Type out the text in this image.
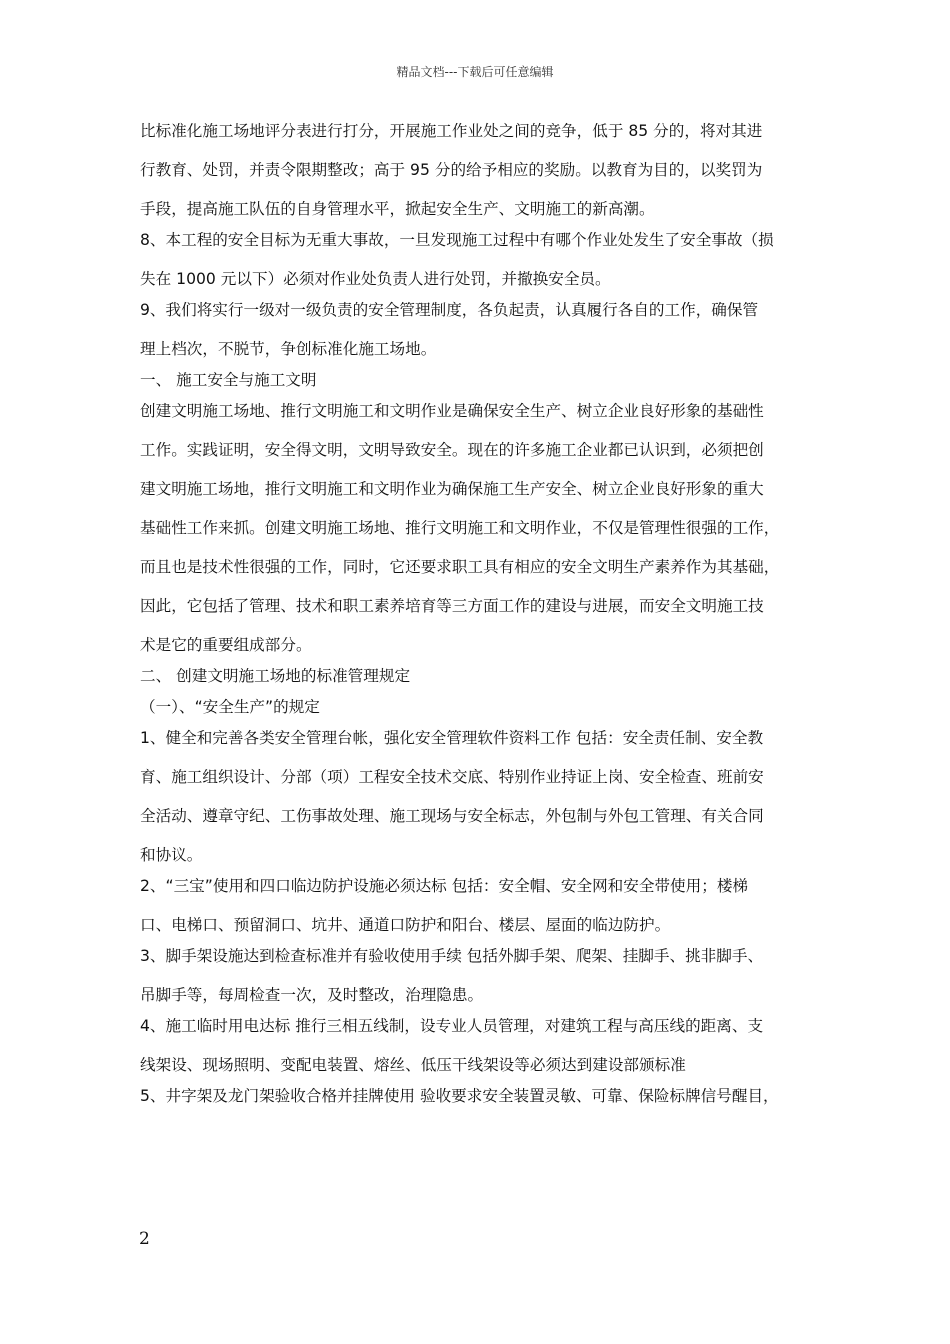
精品文档---下载后可任意编辑
比标准化施工场地评分表进行打分，开展施工作业处之间的竞争，低于 85 分的，将对其进
行教育、处罚，并责令限期整改；高于 95 分的给予相应的奖励。以教育为目的，以奖罚为
手段，提高施工队伍的自身管理水平，掀起安全生产、文明施工的新高潮。
8、本工程的安全目标为无重大事故，一旦发现施工过程中有哪个作业处发生了安全事故（损
失在 1000 元以下）必须对作业处负责人进行处罚，并撤换安全员。
9、我们将实行一级对一级负责的安全管理制度，各负起责，认真履行各自的工作，确保管
理上档次，不脱节，争创标准化施工场地。
一、 施工安全与施工文明
创建文明施工场地、推行文明施工和文明作业是确保安全生产、树立企业良好形象的基础性
工作。实践证明，安全得文明，文明导致安全。现在的许多施工企业都已认识到，必须把创
建文明施工场地，推行文明施工和文明作业为确保施工生产安全、树立企业良好形象的重大
基础性工作来抓。创建文明施工场地、推行文明施工和文明作业，不仅是管理性很强的工作，
而且也是技术性很强的工作，同时，它还要求职工具有相应的安全文明生产素养作为其基础，
因此，它包括了管理、技术和职工素养培育等三方面工作的建设与进展，而安全文明施工技
术是它的重要组成部分。
二、 创建文明施工场地的标准管理规定
（一）、“安全生产”的规定
1、健全和完善各类安全管理台帐，强化安全管理软件资料工作 包括：安全责任制、安全教
育、施工组织设计、分部（项）工程安全技术交底、特别作业持证上岗、安全检查、班前安
全活动、遵章守纪、工伤事故处理、施工现场与安全标志，外包制与外包工管理、有关合同
和协议。
2、“三宝”使用和四口临边防护设施必须达标 包括：安全帽、安全网和安全带使用；楼梯
口、电梯口、预留洞口、坑井、通道口防护和阳台、楼层、屋面的临边防护。
3、脚手架设施达到检查标准并有验收使用手续 包括外脚手架、爬架、挂脚手、挑非脚手、
吊脚手等，每周检查一次，及时整改，治理隐患。
4、施工临时用电达标 推行三相五线制，设专业人员管理，对建筑工程与高压线的距离、支
线架设、现场照明、变配电装置、熔丝、低压干线架设等必须达到建设部颁标准
5、井字架及龙门架验收合格并挂牌使用 验收要求安全装置灵敏、可靠、保险标牌信号醒目，
2
